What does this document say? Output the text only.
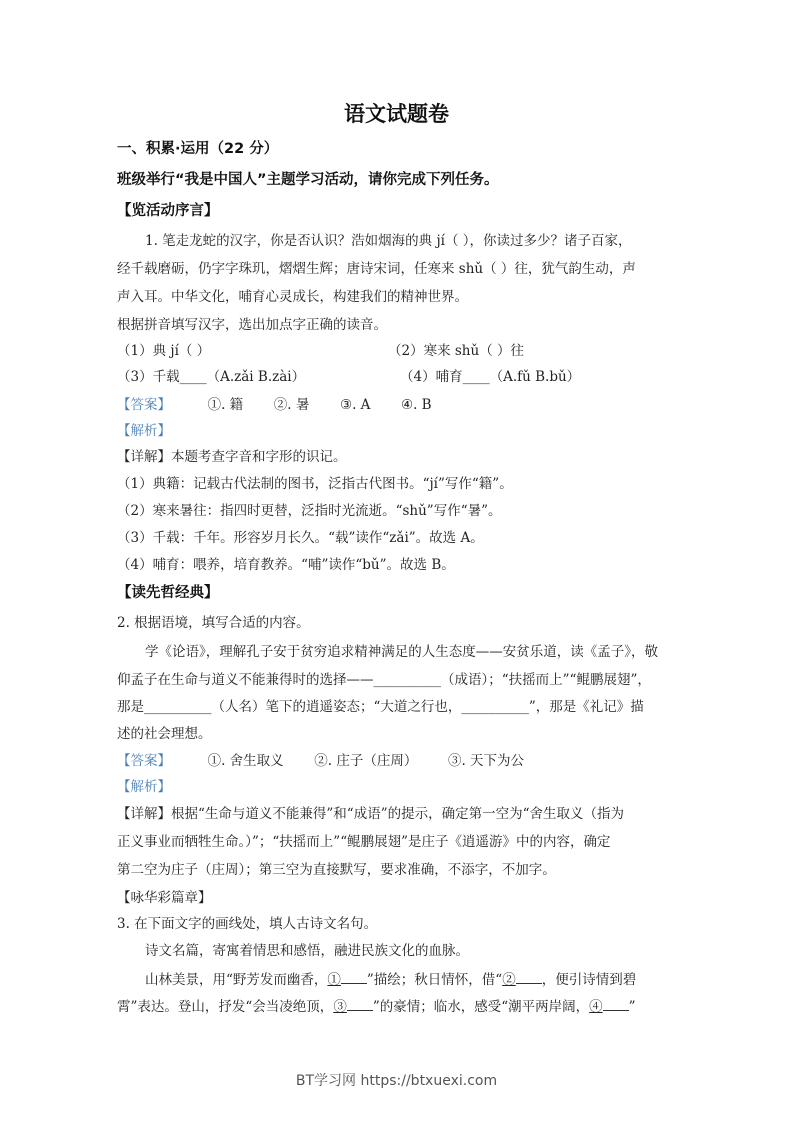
语文试题卷
一、积累·运用（22 分）
班级举行“我是中国人”主题学习活动，请你完成下列任务。
【览活动序言】
1. 笔走龙蛇的汉字，你是否认识？浩如烟海的典 jí（ ），你读过多少？诸子百家，
经千载磨砺，仍字字珠玑，熠熠生辉；唐诗宋词，任寒来 shǔ（ ）往，犹气韵生动，声
声入耳。中华文化，哺育心灵成长，构建我们的精神世界。
根据拼音填写汉字，选出加点字正确的读音。
（1）典 jí（ ）	（2）寒来 shǔ（ ）往
（3）千载____（A.zǎi B.zài）	（4）哺育____（A.fǔ B.bǔ）
【答案】	①. 籍 ②. 暑 ③. A ④. B
【解析】
【详解】本题考查字音和字形的识记。
（1）典籍：记载古代法制的图书，泛指古代图书。“jí”写作“籍”。
（2）寒来暑往：指四时更替，泛指时光流逝。“shǔ”写作“暑”。
（3）千载：千年。形容岁月长久。“载”读作“zǎi”。故选 A。
（4）哺育：喂养，培育教养。“哺”读作“bǔ”。故选 B。
【读先哲经典】
2. 根据语境，填写合适的内容。
学《论语》，理解孔子安于贫穷追求精神满足的人生态度——安贫乐道，读《孟子》，敬
仰孟子在生命与道义不能兼得时的选择——__________（成语）；“扶摇而上”“鲲鹏展翅”，
那是__________（人名）笔下的逍遥姿态；“大道之行也，__________”，那是《礼记》描
述的社会理想。
【答案】	①. 舍生取义 ②. 庄子（庄周） ③. 天下为公
【解析】
【详解】根据“生命与道义不能兼得”和“成语”的提示，确定第一空为“舍生取义（指为
正义事业而牺牲生命。）”；“扶摇而上”“鲲鹏展翅”是庄子《逍遥游》中的内容，确定
第二空为庄子（庄周）；第三空为直接默写，要求准确，不添字，不加字。
【咏华彩篇章】
3. 在下面文字的画线处，填人古诗文名句。
诗文名篇，寄寓着情思和感悟，融进民族文化的血脉。
山林美景，用“野芳发而幽香，① ”描绘；秋日情怀，借“② ，便引诗情到碧
霄”表达。登山，抒发“会当凌绝顶，③ ”的豪情；临水，感受“潮平两岸阔，④ ”
BT学习网 https://btxuexi.com
